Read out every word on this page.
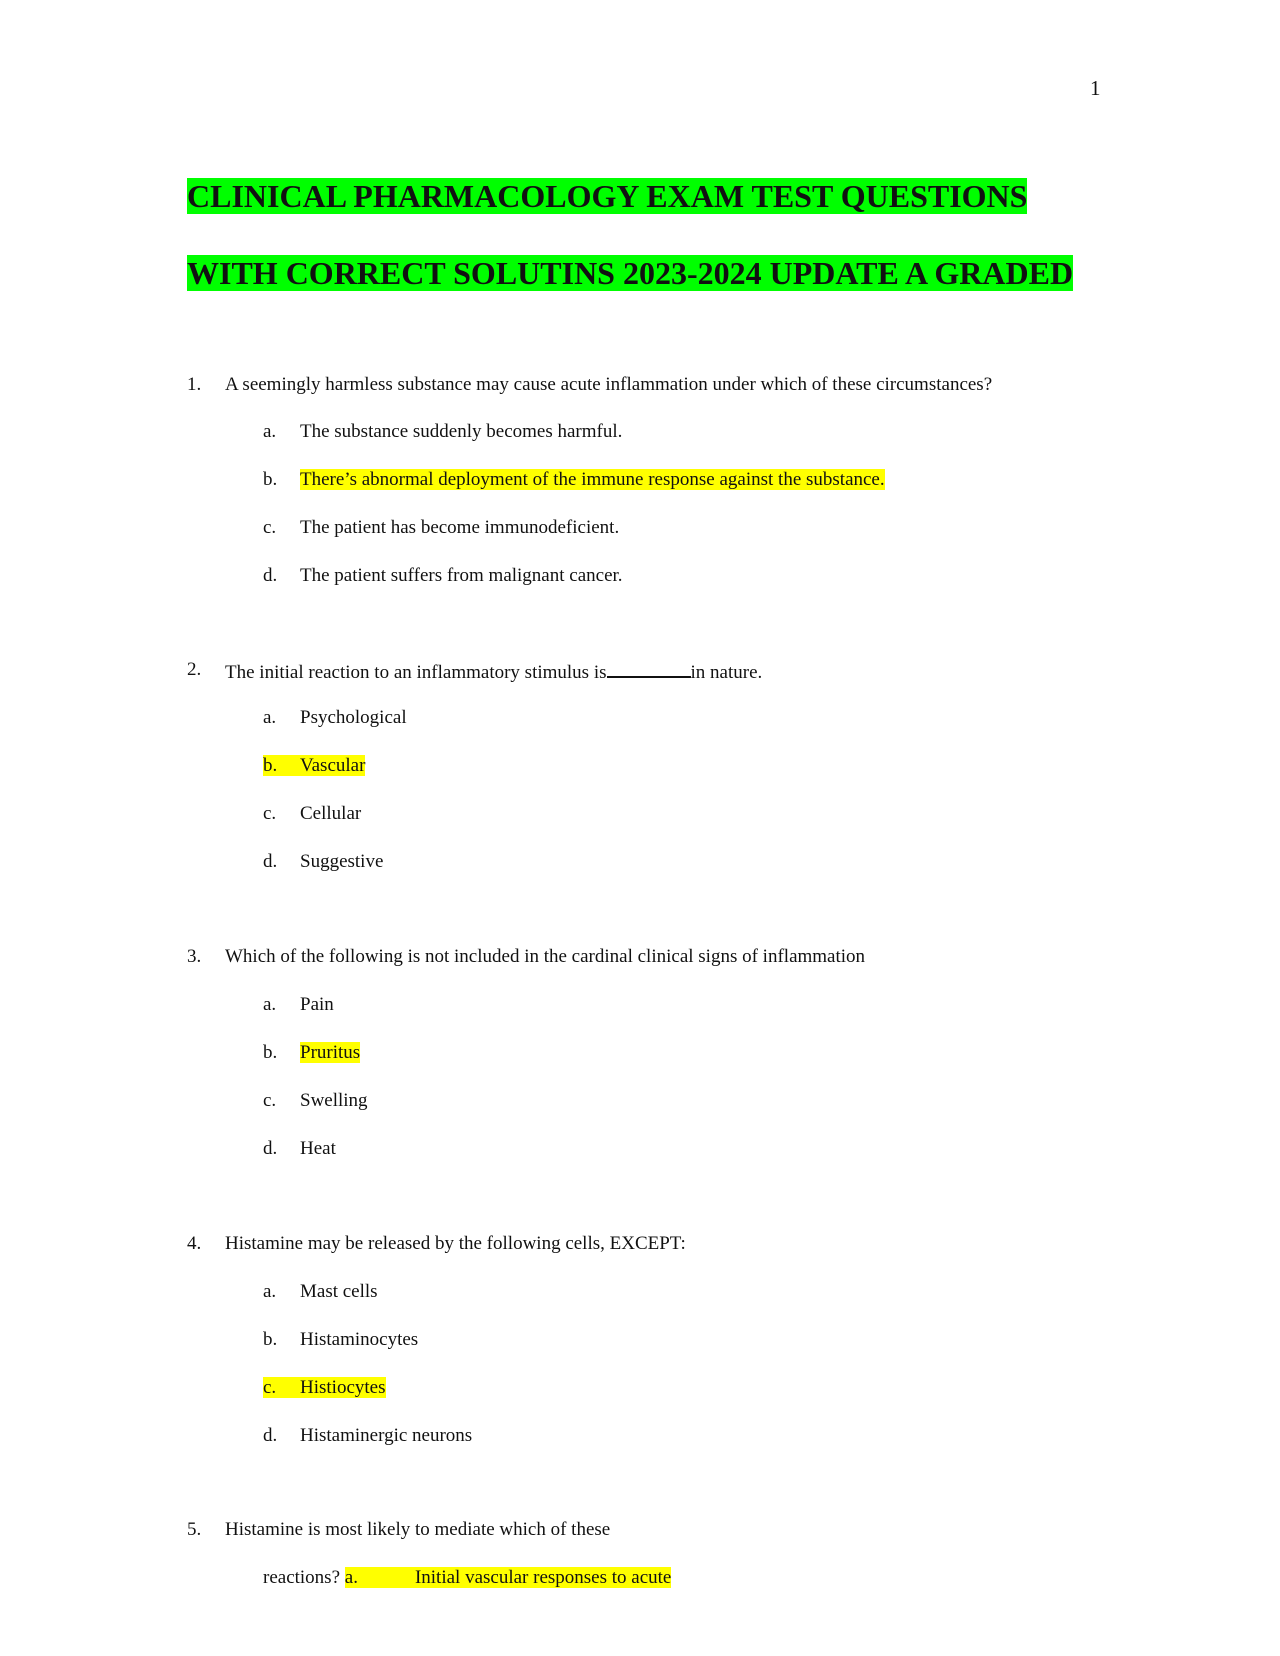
1
CLINICAL PHARMACOLOGY EXAM TEST QUESTIONS
WITH CORRECT SOLUTINS 2023-2024 UPDATE A GRADED
1. A seemingly harmless substance may cause acute inflammation under which of these circumstances?
a. The substance suddenly becomes harmful.
b. There’s abnormal deployment of the immune response against the substance.
c. The patient has become immunodeficient.
d. The patient suffers from malignant cancer.
2. The initial reaction to an inflammatory stimulus is	in nature.
a. Psychological
b. Vascular
c. Cellular
d. Suggestive
3. Which of the following is not included in the cardinal clinical signs of inflammation
a. Pain
b. Pruritus
c. Swelling
d. Heat
4. Histamine may be released by the following cells, EXCEPT:
a. Mast cells
b. Histaminocytes
c. Histiocytes
d. Histaminergic neurons
5. Histamine is most likely to mediate which of these
reactions? a.	Initial vascular responses to acute
